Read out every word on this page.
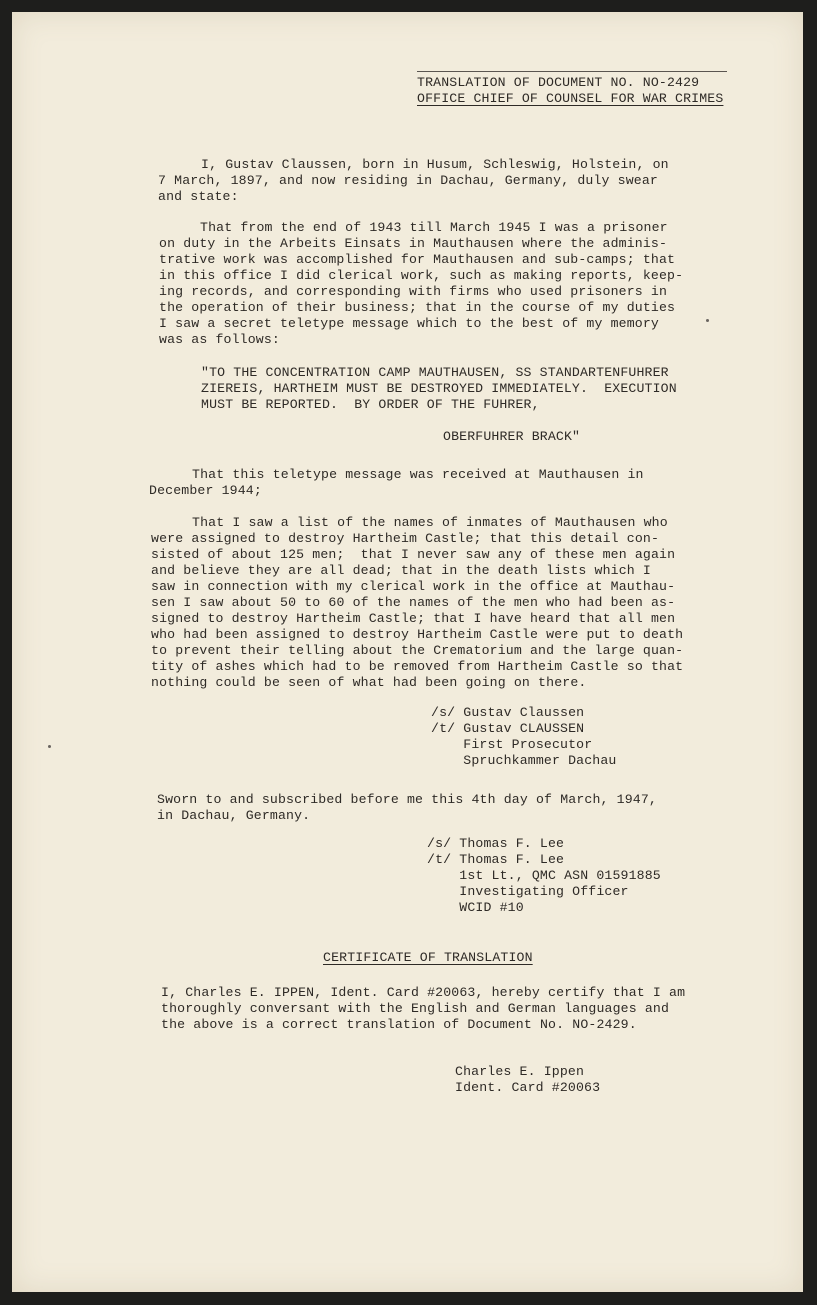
TRANSLATION OF DOCUMENT NO. NO-2429
OFFICE CHIEF OF COUNSEL FOR WAR CRIMES
I, Gustav Claussen, born in Husum, Schleswig, Holstein, on
7 March, 1897, and now residing in Dachau, Germany, duly swear
and state:
That from the end of 1943 till March 1945 I was a prisoner
on duty in the Arbeits Einsats in Mauthausen where the adminis-
trative work was accomplished for Mauthausen and sub-camps; that
in this office I did clerical work, such as making reports, keep-
ing records, and corresponding with firms who used prisoners in
the operation of their business; that in the course of my duties
I saw a secret teletype message which to the best of my memory
was as follows:
"TO THE CONCENTRATION CAMP MAUTHAUSEN, SS STANDARTENFUHRER
ZIEREIS, HARTHEIM MUST BE DESTROYED IMMEDIATELY.  EXECUTION
MUST BE REPORTED.  BY ORDER OF THE FUHRER,
OBERFUHRER BRACK"
That this teletype message was received at Mauthausen in
December 1944;
That I saw a list of the names of inmates of Mauthausen who
were assigned to destroy Hartheim Castle; that this detail con-
sisted of about 125 men;  that I never saw any of these men again
and believe they are all dead; that in the death lists which I
saw in connection with my clerical work in the office at Mauthau-
sen I saw about 50 to 60 of the names of the men who had been as-
signed to destroy Hartheim Castle; that I have heard that all men
who had been assigned to destroy Hartheim Castle were put to death
to prevent their telling about the Crematorium and the large quan-
tity of ashes which had to be removed from Hartheim Castle so that
nothing could be seen of what had been going on there.
/s/ Gustav Claussen
/t/ Gustav CLAUSSEN
First Prosecutor
Spruchkammer Dachau
Sworn to and subscribed before me this 4th day of March, 1947,
in Dachau, Germany.
/s/ Thomas F. Lee
/t/ Thomas F. Lee
1st Lt., QMC ASN 01591885
Investigating Officer
WCID #10
CERTIFICATE OF TRANSLATION
I, Charles E. IPPEN, Ident. Card #20063, hereby certify that I am
thoroughly conversant with the English and German languages and
the above is a correct translation of Document No. NO-2429.
Charles E. Ippen
Ident. Card #20063
